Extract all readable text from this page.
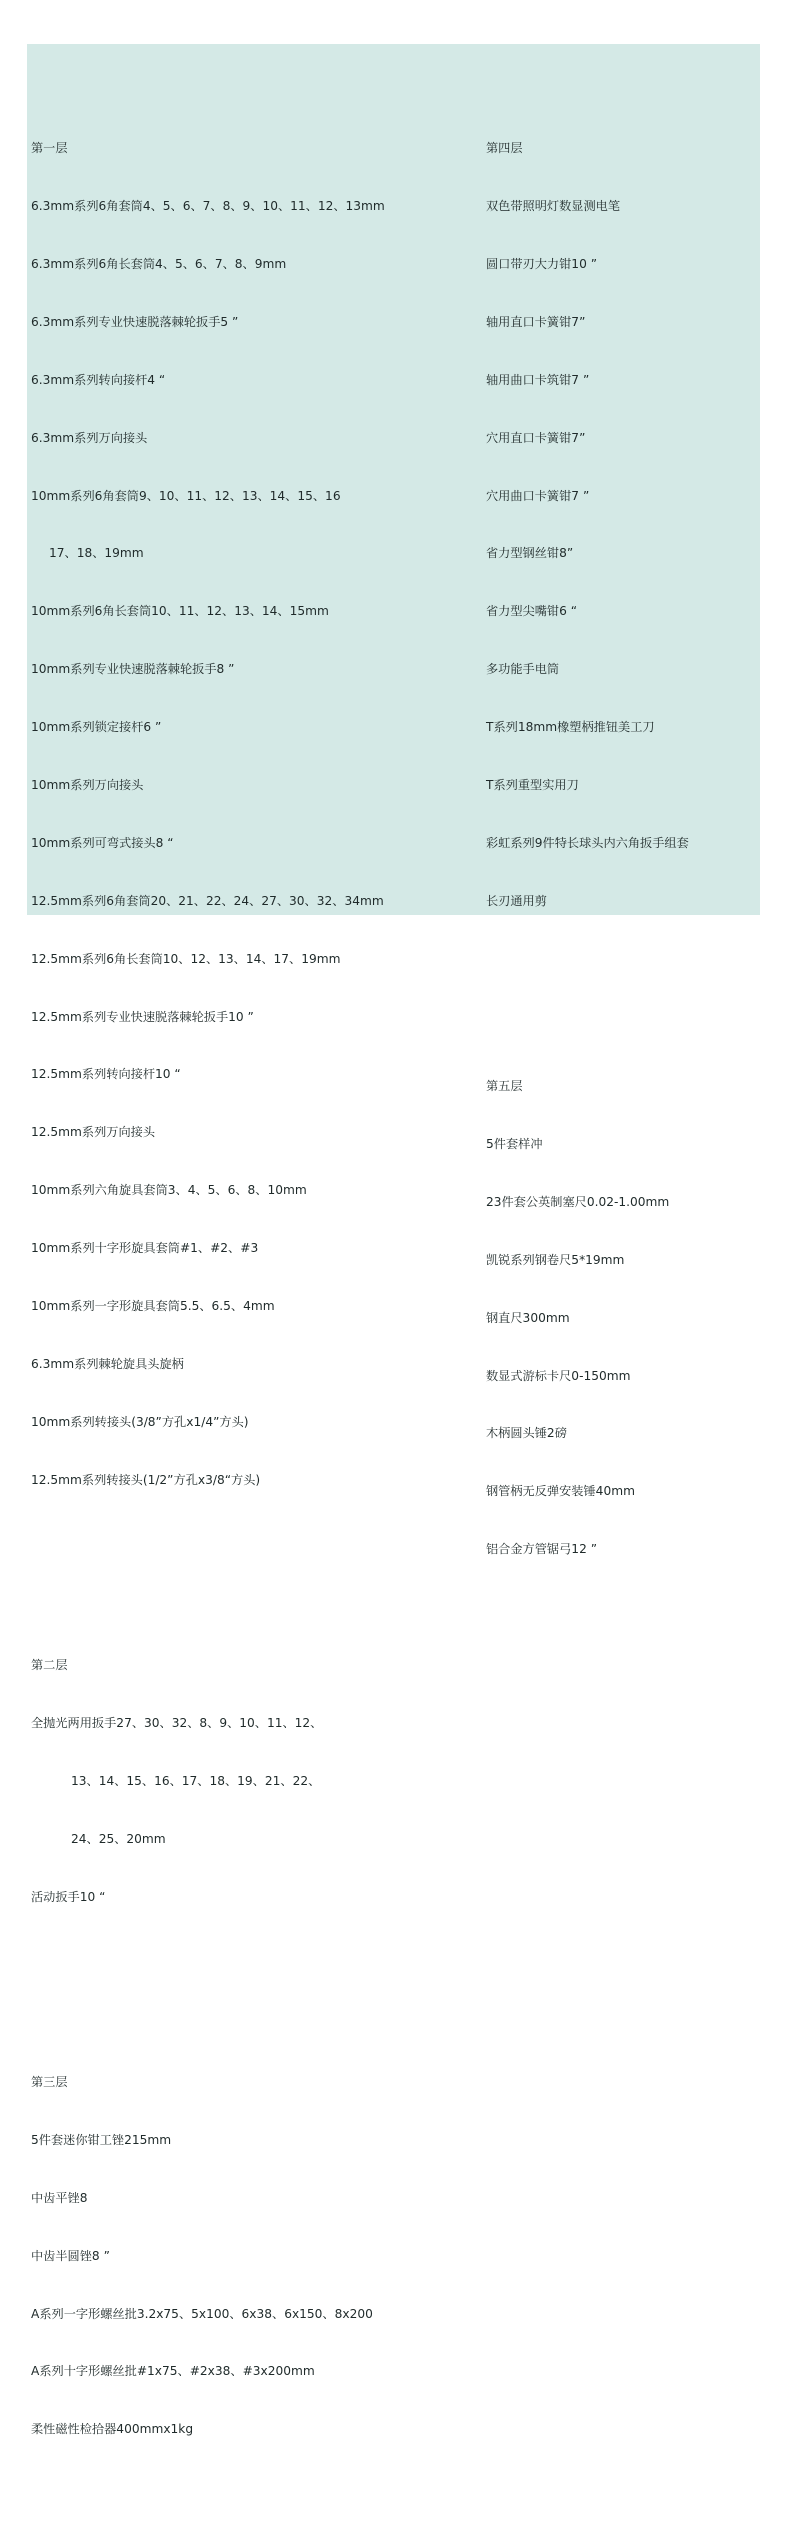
第一层

6.3mm系列6角套筒4、5、6、7、8、9、10、11、12、13mm

6.3mm系列6角长套筒4、5、6、7、8、9mm

6.3mm系列专业快速脱落棘轮扳手5 ”

6.3mm系列转向接杆4 “

6.3mm系列万向接头

10mm系列6角套筒9、10、11、12、13、14、15、16

17、18、19mm

10mm系列6角长套筒10、11、12、13、14、15mm

10mm系列专业快速脱落棘轮扳手8 ”

10mm系列锁定接杆6 ”

10mm系列万向接头

10mm系列可弯式接头8 “

12.5mm系列6角套筒20、21、22、24、27、30、32、34mm

12.5mm系列6角长套筒10、12、13、14、17、19mm

12.5mm系列专业快速脱落棘轮扳手10 ”

12.5mm系列转向接杆10 “

12.5mm系列万向接头

10mm系列六角旋具套筒3、4、5、6、8、10mm

10mm系列十字形旋具套筒#1、#2、#3

10mm系列一字形旋具套筒5.5、6.5、4mm

6.3mm系列棘轮旋具头旋柄

10mm系列转接头(3/8”方孔x1/4”方头)

12.5mm系列转接头(1/2”方孔x3/8“方头)

第二层

全抛光两用扳手27、30、32、8、9、10、11、12、

13、14、15、16、17、18、19、21、22、

24、25、20mm

活动扳手10 “

第三层

5件套迷你钳工锉215mm

中齿平锉8

中齿半圆锉8 ”

A系列一字形螺丝批3.2x75、5x100、6x38、6x150、8x200

A系列十字形螺丝批#1x75、#2x38、#3x200mm

柔性磁性检拾器400mmx1kg

第四层

双色带照明灯数显测电笔

圆口带刃大力钳10 ”

轴用直口卡簧钳7”

轴用曲口卡筑钳7 ”

穴用直口卡簧钳7”

穴用曲口卡簧钳7 ”

省力型钢丝钳8”

省力型尖嘴钳6 “

多功能手电筒

T系列18mm橡塑柄推钮美工刀

T系列重型实用刀

彩虹系列9件特长球头内六角扳手组套

长刃通用剪

第五层

5件套样冲

23件套公英制塞尺0.02-1.00mm

凯锐系列钢卷尺5*19mm

钢直尺300mm

数显式游标卡尺0-150mm

木柄圆头锤2磅

钢管柄无反弹安装锤40mm

铝合金方管锯弓12 ”
